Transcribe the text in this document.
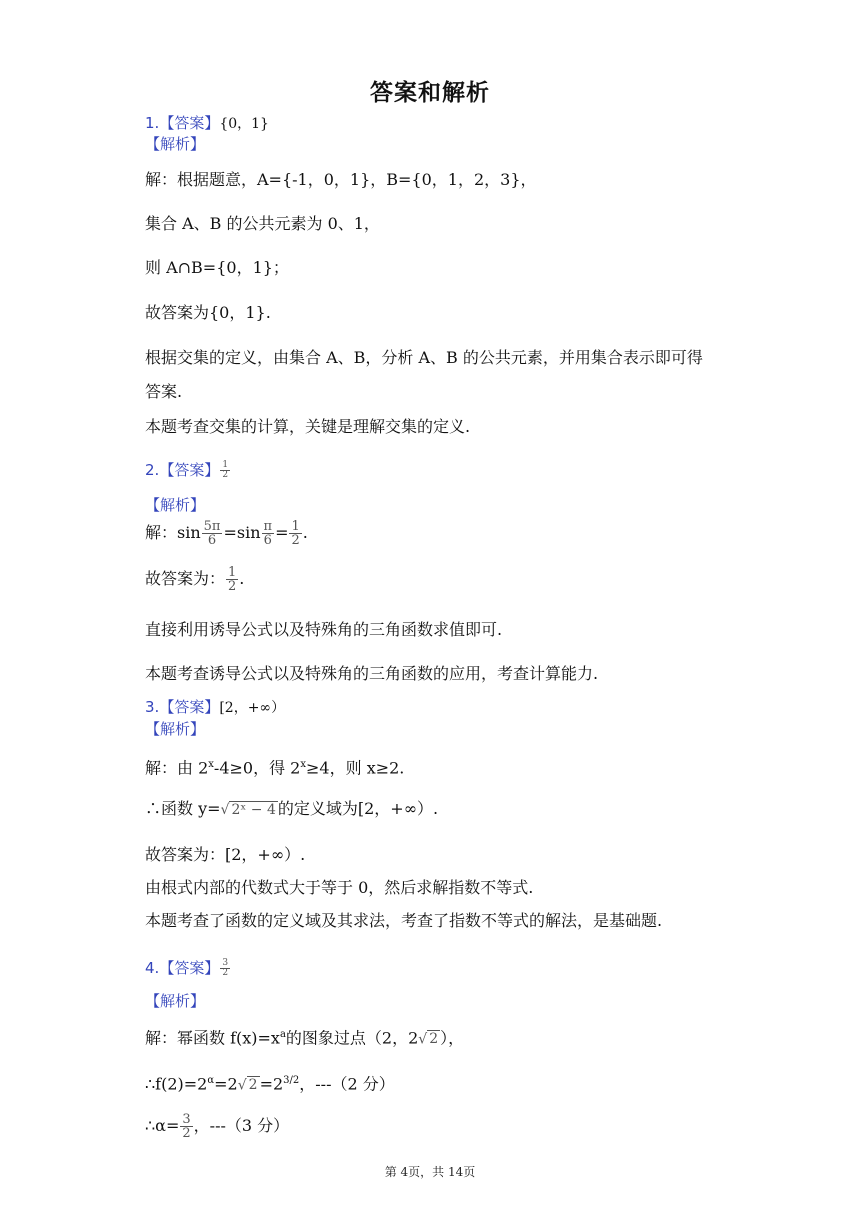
答案和解析
1.【答案】{0，1}
【解析】
解：根据题意，A={-1，0，1}，B={0，1，2，3}，
集合 A、B 的公共元素为 0、1，
则 A∩B={0，1}；
故答案为{0，1}.
根据交集的定义，由集合 A、B，分析 A、B 的公共元素，并用集合表示即可得
答案.
本题考查交集的计算，关键是理解交集的定义.
2.【答案】 $\frac{1}{2}$
【解析】
解：$\sin \frac{5\pi}{6} =\sin \frac{\pi}{6} = \frac{1}{2}$ .
故答案为： $\frac{1}{2}$ .
直接利用诱导公式以及特殊角的三角函数求值即可.
本题考查诱导公式以及特殊角的三角函数的应用，考查计算能力.
3.【答案】[2，+∞）
【解析】
解：由 $2^x-4\ge 0$，得 $2^x\ge 4$，则 x≥2.
∴函数 y=√ 2ˣ − 4 的定义域为[2，+∞）.
故答案为：[2，+∞）.
由根式内部的代数式大于等于 0，然后求解指数不等式.
本题考查了函数的定义域及其求法，考查了指数不等式的解法，是基础题.
4.【答案】 $\frac{3}{2}$
【解析】
解：幂函数 $f(x)=x^a$的图象过点（2，2√ 2 ），
$\therefore f(2)=2^\alpha=2√$ $2 =2^{3/2}$，---（2 分）
∴α= $\frac{3}{2}$ ，---（3 分）
第 4页，共 14页
